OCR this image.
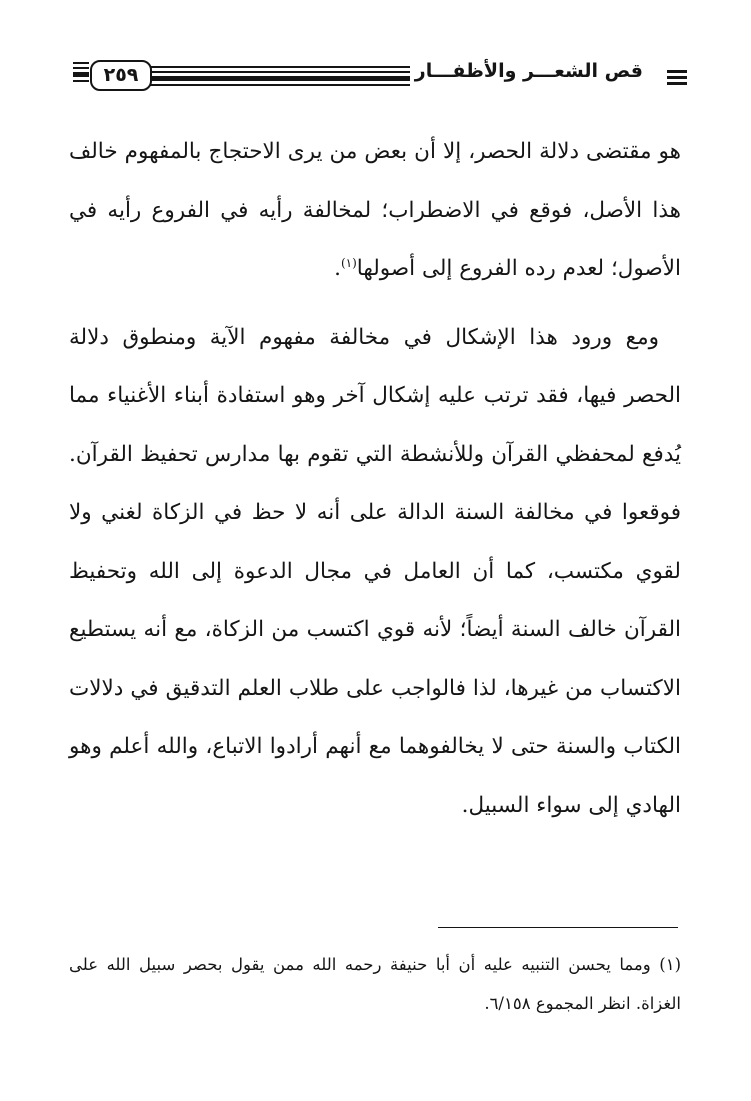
قص الشعـــر والأظفـــار
٢٥٩

هو مقتضى دلالة الحصر، إلا أن بعض من يرى الاحتجاج بالمفهوم خالف هذا الأصل، فوقع في الاضطراب؛ لمخالفة رأيه في الفروع رأيه في الأصول؛ لعدم رده الفروع إلى أصولها$^{(١)}$.

ومع ورود هذا الإشكال في مخالفة مفهوم الآية ومنطوق دلالة الحصر فيها، فقد ترتب عليه إشكال آخر وهو استفادة أبناء الأغنياء مما يُدفع لمحفظي القرآن وللأنشطة التي تقوم بها مدارس تحفيظ القرآن. فوقعوا في مخالفة السنة الدالة على أنه لا حظ في الزكاة لغني ولا لقوي مكتسب، كما أن العامل في مجال الدعوة إلى الله وتحفيظ القرآن خالف السنة أيضاً؛ لأنه قوي اكتسب من الزكاة، مع أنه يستطيع الاكتساب من غيرها، لذا فالواجب على طلاب العلم التدقيق في دلالات الكتاب والسنة حتى لا يخالفوهما مع أنهم أرادوا الاتباع، والله أعلم وهو الهادي إلى سواء السبيل.

(١) ومما يحسن التنبيه عليه أن أبا حنيفة رحمه الله ممن يقول بحصر سبيل الله على الغزاة. انظر المجموع ٦/١٥٨.
